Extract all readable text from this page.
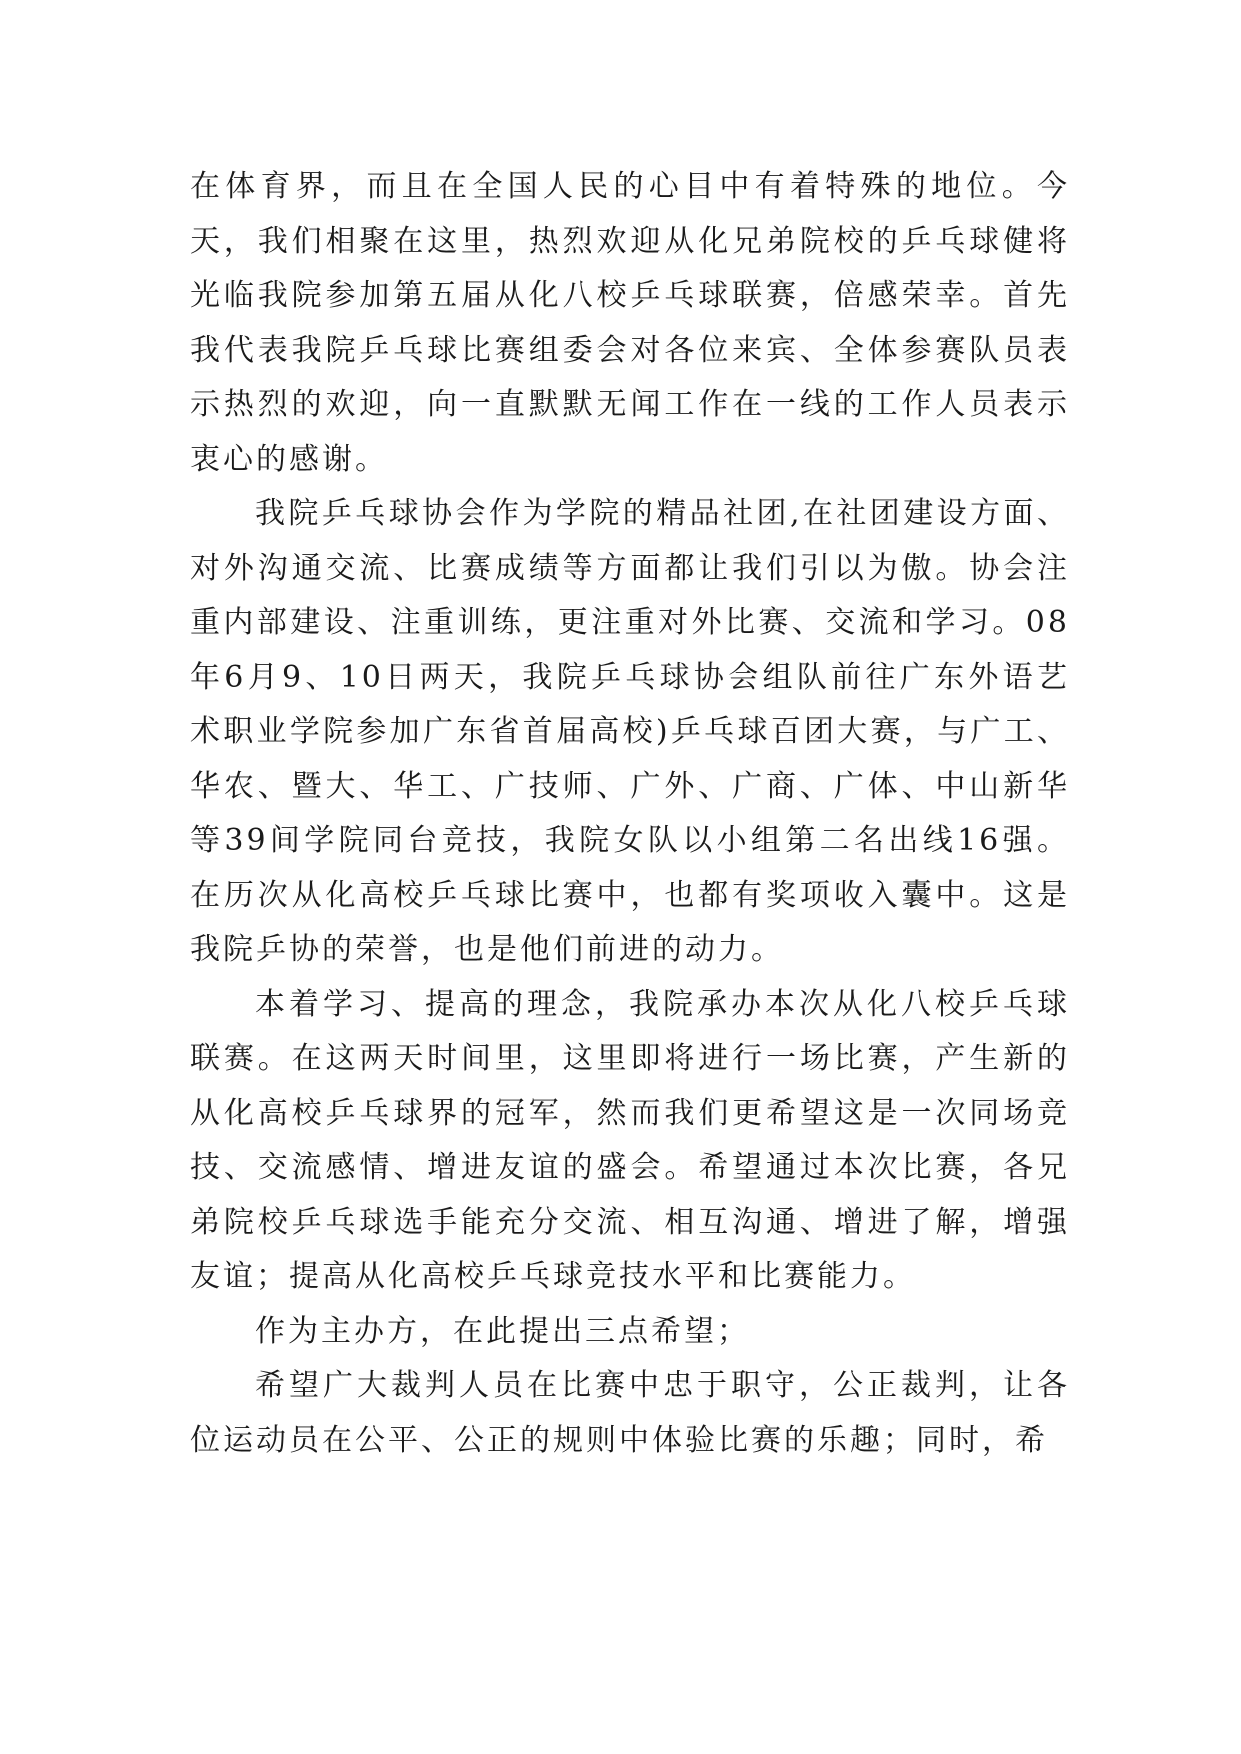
在体育界，而且在全国人民的心目中有着特殊的地位。今天，我们相聚在这里，热烈欢迎从化兄弟院校的乒乓球健将光临我院参加第五届从化八校乒乓球联赛，倍感荣幸。首先我代表我院乒乓球比赛组委会对各位来宾、全体参赛队员表示热烈的欢迎，向一直默默无闻工作在一线的工作人员表示衷心的感谢。

我院乒乓球协会作为学院的精品社团,在社团建设方面、对外沟通交流、比赛成绩等方面都让我们引以为傲。协会注重内部建设、注重训练，更注重对外比赛、交流和学习。08年6月9、10日两天，我院乒乓球协会组队前往广东外语艺术职业学院参加广东省首届高校)乒乓球百团大赛，与广工、华农、暨大、华工、广技师、广外、广商、广体、中山新华等39间学院同台竞技，我院女队以小组第二名出线16强。在历次从化高校乒乓球比赛中，也都有奖项收入囊中。这是我院乒协的荣誉，也是他们前进的动力。

本着学习、提高的理念，我院承办本次从化八校乒乓球联赛。在这两天时间里，这里即将进行一场比赛，产生新的从化高校乒乓球界的冠军，然而我们更希望这是一次同场竞技、交流感情、增进友谊的盛会。希望通过本次比赛，各兄弟院校乒乓球选手能充分交流、相互沟通、增进了解，增强友谊；提高从化高校乒乓球竞技水平和比赛能力。

作为主办方，在此提出三点希望；

希望广大裁判人员在比赛中忠于职守，公正裁判，让各位运动员在公平、公正的规则中体验比赛的乐趣；同时，希
